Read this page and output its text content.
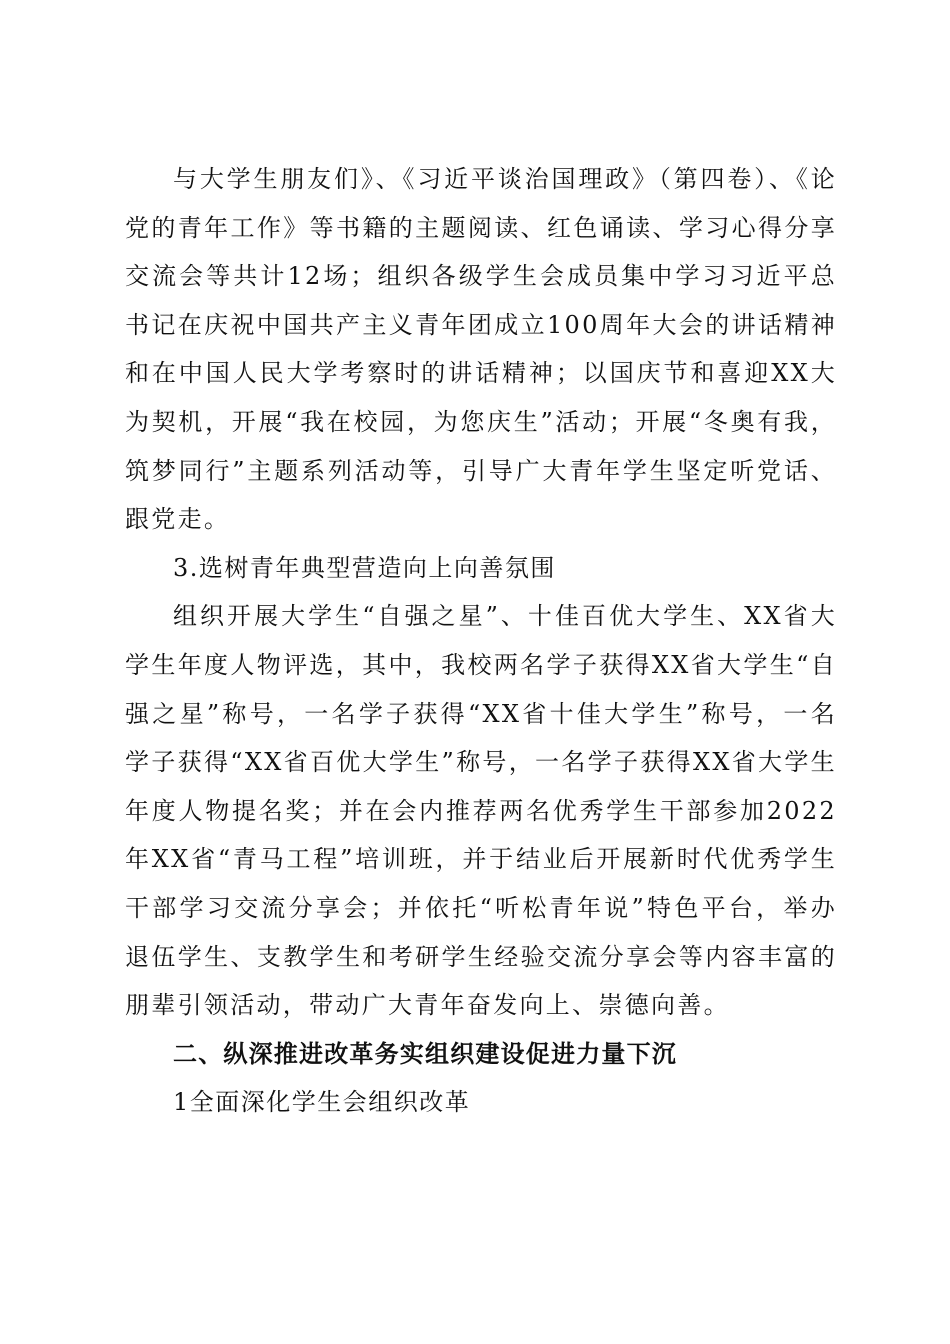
与大学生朋友们》、《习近平谈治国理政》（第四卷）、《论党的青年工作》等书籍的主题阅读、红色诵读、学习心得分享交流会等共计12场；组织各级学生会成员集中学习习近平总书记在庆祝中国共产主义青年团成立100周年大会的讲话精神和在中国人民大学考察时的讲话精神；以国庆节和喜迎XX大为契机，开展“我在校园，为您庆生”活动；开展“冬奥有我，筑梦同行”主题系列活动等，引导广大青年学生坚定听党话、跟党走。

3.选树青年典型营造向上向善氛围

组织开展大学生“自强之星”、十佳百优大学生、XX省大学生年度人物评选，其中，我校两名学子获得XX省大学生“自强之星”称号，一名学子获得“XX省十佳大学生”称号，一名学子获得“XX省百优大学生”称号，一名学子获得XX省大学生年度人物提名奖；并在会内推荐两名优秀学生干部参加2022年XX省“青马工程”培训班，并于结业后开展新时代优秀学生干部学习交流分享会；并依托“听松青年说”特色平台，举办退伍学生、支教学生和考研学生经验交流分享会等内容丰富的朋辈引领活动，带动广大青年奋发向上、崇德向善。

二、纵深推进改革务实组织建设促进力量下沉

1全面深化学生会组织改革
